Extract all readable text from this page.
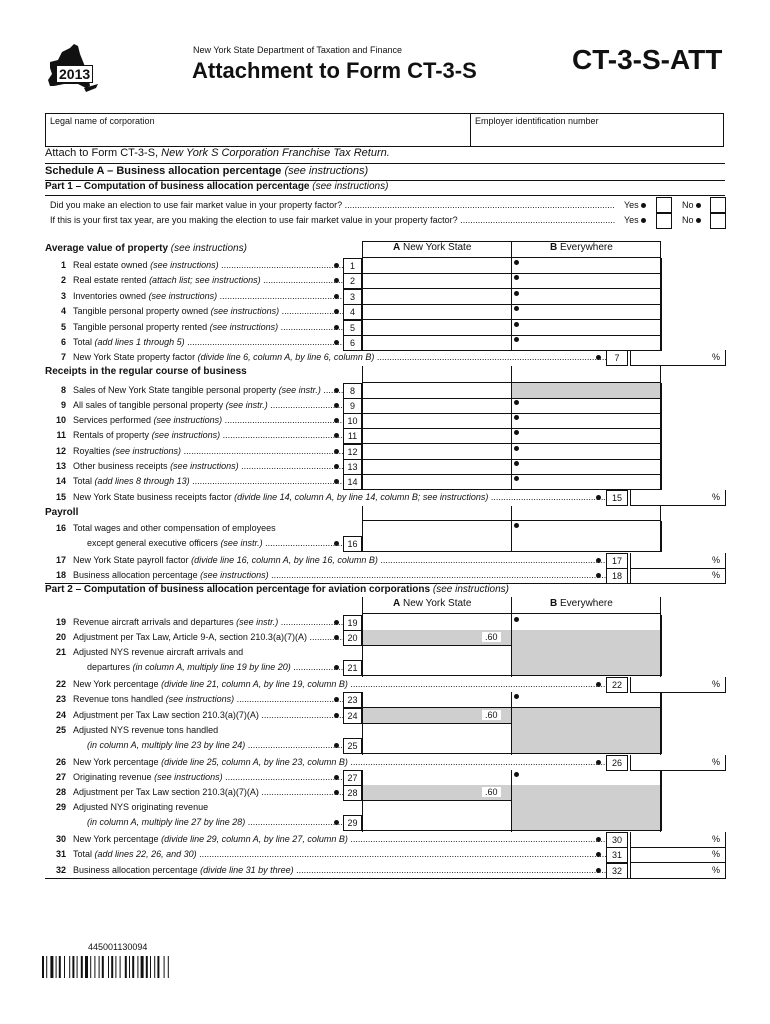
2013
New York State Department of Taxation and Finance
Attachment to Form CT-3-S	CT-3-S-ATT
Legal name of corporation	Employer identification number
Attach to Form CT-3-S, New York S Corporation Franchise Tax Return.
Schedule A – Business allocation percentage (see instructions)
Part 1 – Computation of business allocation percentage (see instructions)
Did you make an election to use fair market value in your property factor? .....	Yes	No
If this is your first tax year, are you making the election to use fair market value in your property factor? .....	Yes	No
A New York State	B Everywhere
Average value of property (see instructions)
1 Real estate owned (see instructions) .....	1
2 Real estate rented (attach list; see instructions) .....	2
3 Inventories owned (see instructions) .....	3
4 Tangible personal property owned (see instructions) .....	4
5 Tangible personal property rented (see instructions) .....	5
6 Total (add lines 1 through 5) .....	6
7 New York State property factor (divide line 6, column A, by line 6, column B) .....	7	%
8 Sales of New York State tangible personal property (see instr.) .....	8
9 All sales of tangible personal property (see instr.) .....	9
10 Services performed (see instructions) .....	10
11 Rentals of property (see instructions) .....	11
12 Royalties (see instructions) .....	12
13 Other business receipts (see instructions) .....	13
14 Total (add lines 8 through 13) .....	14
15 New York State business receipts factor (divide line 14, column A, by line 14, column B; see instructions) .....	15	%
16 Total wages and other compensation of employees
except general executive officers (see instr.) .....	16
17 New York State payroll factor (divide line 16, column A, by line 16, column B) .....	17	%
18 Business allocation percentage (see instructions) .....	18	%
19 Revenue aircraft arrivals and departures (see instr.) .....	19
20 Adjustment per Tax Law, Article 9-A, section 210.3(a)(7)(A) .....	20	.60
21 Adjusted NYS revenue aircraft arrivals and
departures (in column A, multiply line 19 by line 20) .....	21
22 New York percentage (divide line 21, column A, by line 19, column B) .....	22	%
23 Revenue tons handled (see instructions) .....	23
24 Adjustment per Tax Law section 210.3(a)(7)(A) .....	24	.60
25 Adjusted NYS revenue tons handled
(in column A, multiply line 23 by line 24) .....	25
26 New York percentage (divide line 25, column A, by line 23, column B) .....	26	%
27 Originating revenue (see instructions) .....	27
28 Adjustment per Tax Law section 210.3(a)(7)(A) .....	28	.60
29 Adjusted NYS originating revenue
(in column A, multiply line 27 by line 28) .....	29
30 New York percentage (divide line 29, column A, by line 27, column B) .....	30	%
31 Total (add lines 22, 26, and 30) .....	31	%
32 Business allocation percentage (divide line 31 by three) .....	32	%
Receipts in the regular course of business
Payroll
Part 2 – Computation of business allocation percentage for aviation corporations (see instructions)
A New York State	B Everywhere
445001130094
